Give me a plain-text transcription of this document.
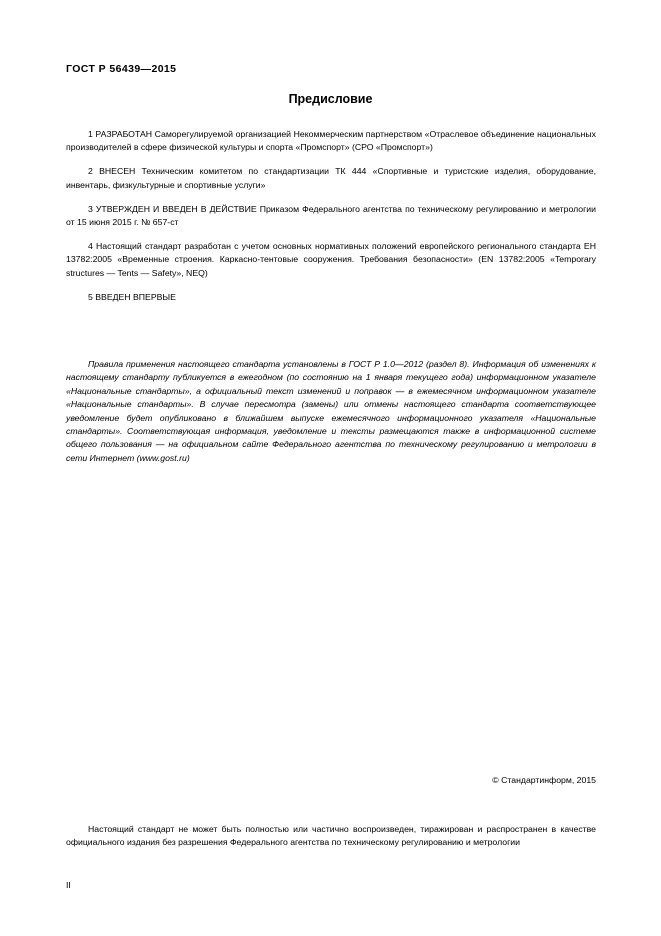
ГОСТ Р 56439—2015
Предисловие

1 РАЗРАБОТАН Саморегулируемой организацией Некоммерческим партнерством «Отраслевое объединение национальных производителей в сфере физической культуры и спорта «Промспорт» (СРО «Промспорт»)

2 ВНЕСЕН Техническим комитетом по стандартизации ТК 444 «Спортивные и туристские изделия, оборудование, инвентарь, физкультурные и спортивные услуги»

3 УТВЕРЖДЕН И ВВЕДЕН В ДЕЙСТВИЕ Приказом Федерального агентства по техническому регулированию и метрологии от 15 июня 2015 г. № 657-ст

4 Настоящий стандарт разработан с учетом основных нормативных положений европейского регионального стандарта EH 13782:2005 «Временные строения. Каркасно-тентовые сооружения. Требования безопасности» (EN 13782:2005 «Temporary structures — Tents — Safety», NEQ)

5 ВВЕДЕН ВПЕРВЫЕ

Правила применения настоящего стандарта установлены в ГОСТ Р 1.0—2012 (раздел 8). Информация об изменениях к настоящему стандарту публикуется в ежегодном (по состоянию на 1 января текущего года) информационном указателе «Национальные стандарты», а официальный текст изменений и поправок — в ежемесячном информационном указателе «Национальные стандарты». В случае пересмотра (замены) или отмены настоящего стандарта соответствующее уведомление будет опубликовано в ближайшем выпуске ежемесячного информационного указателя «Национальные стандарты». Соответствующая информация, уведомление и тексты размещаются также в информационной системе общего пользования — на официальном сайте Федерального агентства по техническому регулированию и метрологии в сети Интернет (www.gost.ru)

© Стандартинформ, 2015

Настоящий стандарт не может быть полностью или частично воспроизведен, тиражирован и распространен в качестве официального издания без разрешения Федерального агентства по техническому регулированию и метрологии

II
